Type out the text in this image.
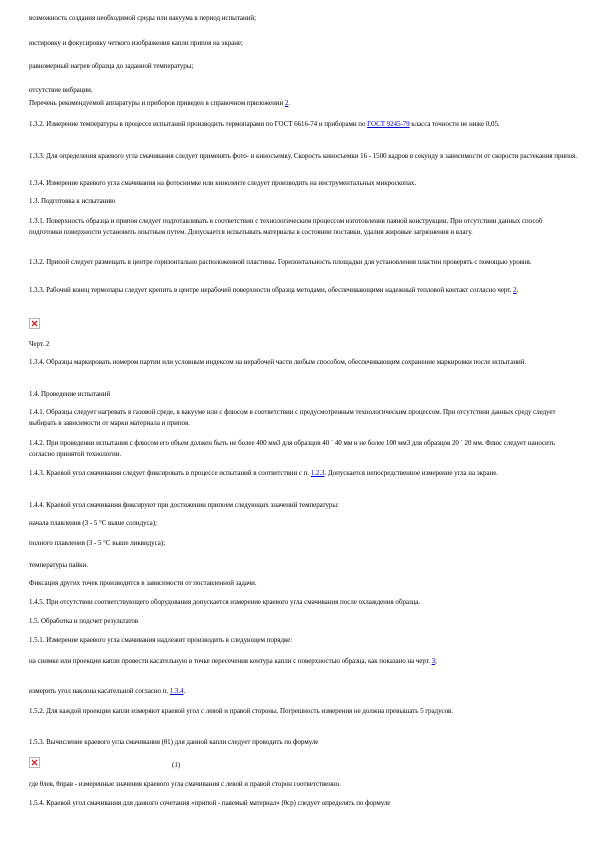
возможность создания необходимой среды или вакуума в период испытаний;
юстировку и фокусировку четкого изображения капли припоя на экране;
равномерный нагрев образца до заданной температуры;
отсутствие вибрации.
Перечень рекомендуемой аппаратуры и приборов приведен в справочном приложении 2.
1.3.2. Измерение температуры в процессе испытаний производить термопарами по ГОСТ 6616-74 и приборами по ГОСТ 9245-79 класса точности не ниже 0,05.
1.3.3. Для определения краевого угла смачивания следует применять фото- и киносъемку. Скорость киносъемки 16 - 1500 кадров в секунду в зависимости от скорости растекания припоя.
1.3.4. Измерение краевого угла смачивания на фотоснимке или киноленте следует производить на инструментальных микроскопах.
1.3. Подготовка к испытанию
1.3.1. Поверхность образца и припоя следует подготавливать в соответствии с технологическим процессом изготовления паяной конструкции. При отсутствии данных способ подготовки поверхности установить опытным путем. Допускается испытывать материалы в состоянии поставки, удалив жировые загрязнения и влагу.
1.3.2. Припой следует размещать в центре горизонтально расположенной пластины. Горизонтальность площадки для установления пластин проверять с помощью уровня.
1.3.3. Рабочий конец термопары следует крепить в центре нерабочей поверхности образца методами, обеспечивающими надежный тепловой контакт согласно черт. 2.
Черт. 2
1.3.4. Образцы маркировать номером партии или условным индексом на нерабочей части любым способом, обеспечивающим сохранение маркировки после испытаний.
1.4. Проведение испытаний
1.4.1. Образцы следует нагревать в газовой среде, в вакууме или с флюсом в соответствии с предусмотренным технологическим процессом. При отсутствии данных среду следует выбирать в зависимости от марки материала и припоя.
1.4.2. При проведении испытания с флюсом его объем должен быть не более 400 мм3 для образцов 40 ´ 40 мм и не более 100 мм3 для образцов 20 ´ 20 мм. Флюс следует наносить согласно принятой технологии.
1.4.3. Краевой угол смачивания следует фиксировать в процессе испытаний в соответствии с п. 1.2.3. Допускается непосредственное измерение угла на экране.
1.4.4. Краевой угол смачивания фиксируют при достижении припоем следующих значений температуры:
начала плавления (3 - 5 °С выше солидуса);
полного плавления (3 - 5 °С выше ликвидуса);
температуры пайки.
Фиксация других точек производится в зависимости от поставленной задачи.
1.4.5. При отсутствии соответствующего оборудования допускается измерение краевого угла смачивания после охлаждения образца.
1.5. Обработка и подсчет результатов
1.5.1. Измерение краевого угла смачивания надлежит производить в следующем порядке:
на снимке или проекции капли провести касательную в точке пересечения контура капли с поверхностью образца, как показано на черт. 3;
измерить угол наклона касательной согласно п. 1.3.4.
1.5.2. Для каждой проекции капли измеряют краевой угол с левой и правой стороны. Погрешность измерения не должна превышать 5 градусов.
1.5.3. Вычисление краевого угла смачивания (θ1) для данной капли следует проводить по формуле
(1)
где θлев, θправ - измеренные значения краевого угла смачивания с левой и правой сторон соответственно.
1.5.4. Краевой угол смачивания для данного сочетания «припой - паяемый материал» (θср) следует определять по формуле
